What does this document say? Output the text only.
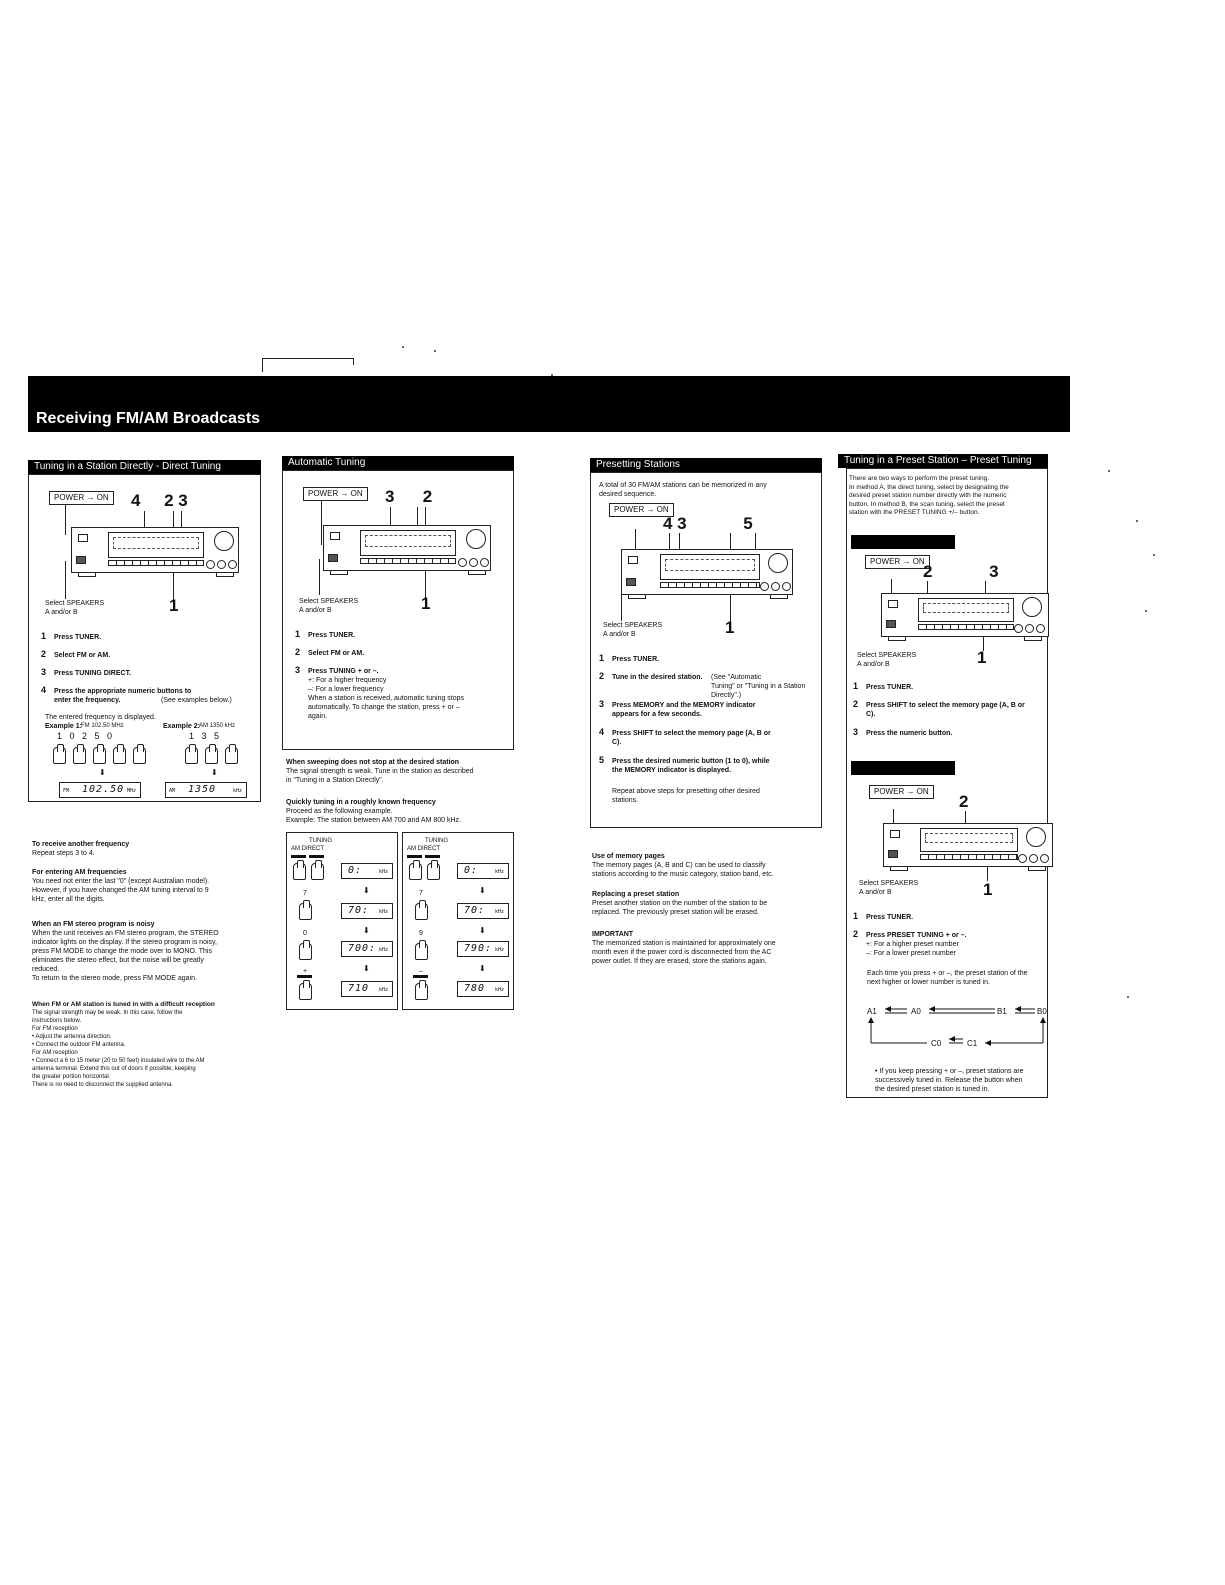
Receiving FM/AM Broadcasts
Tuning in a Station Directly - Direct Tuning
POWER → ON 4     2 3
Select SPEAKERS
A and/or B	1
1 Press TUNER.
2 Select FM or AM.
3 Press TUNING DIRECT.
4 Press the appropriate numeric buttons to
enter the frequency.	(See examples below.)
The entered frequency is displayed.
Example 1: FM 102.50 MHz	Example 2: AM 1350 kHz
1   0   2   5   0	1   3   5
⬇	⬇
FM 102.50 MHz	AM 1350	kHz
To receive another frequency
Repeat steps 3 to 4.
For entering AM frequencies
You need not enter the last "0" (except Australian model).
However, if you have changed the AM tuning interval to 9
kHz, enter all the digits.
When an FM stereo program is noisy
When the unit receives an FM stereo program, the STEREO
indicator lights on the display. If the stereo program is noisy,
press FM MODE to change the mode over to MONO. This
eliminates the stereo effect, but the noise will be greatly
reduced.
To return to the stereo mode, press FM MODE again.
When FM or AM station is tuned in with a difficult reception
The signal strength may be weak. In this case, follow the
instructions below.
For FM reception
• Adjust the antenna direction.
• Connect the outdoor FM antenna.
For AM reception
• Connect a 6 to 15 meter (20 to 50 feet) insulated wire to the AM
antenna terminal. Extend this out of doors if possible, keeping
the greater portion horizontal.
There is no need to disconnect the supplied antenna.
Automatic Tuning
POWER → ON 3      2
Select SPEAKERS
A and/or B	1
1 Press TUNER.
2 Select FM or AM.
3 Press TUNING + or –.
+: For a higher frequency
–: For a lower frequency
When a station is received, automatic tuning stops
automatically. To change the station, press + or –
again.
When sweeping does not stop at the desired station
The signal strength is weak. Tune in the station as described
in "Tuning in a Station Directly".
Quickly tuning in a roughly known frequency
Proceed as the following example.
Example: The station between AM 700 and AM 800 kHz.
TUNING
AM DIRECT
0:	kHz
7	⬇
70: kHz
0	⬇
700: kHz
+	⬇
710 kHz
TUNING
AM DIRECT
0:	kHz
7	⬇
70: kHz
9	⬇
790: kHz
–	⬇
780 kHz
Presetting Stations
A total of 30 FM/AM stations can be memorized in any
desired sequence.
POWER → ON
4 3            5
Select SPEAKERS
A and/or B	1
1 Press TUNER.
2 Tune in the desired station. (See "Automatic
Tuning" or "Tuning in a Station Directly".)
3 Press MEMORY and the MEMORY indicator
appears for a few seconds.
4 Press SHIFT to select the memory page (A, B or
C).
5 Press the desired numeric button (1 to 0), while
the MEMORY indicator is displayed.
Repeat above steps for presetting other desired
stations.
Use of memory pages
The memory pages (A, B and C) can be used to classify
stations according to the music category, station band, etc.
Replacing a preset station
Preset another station on the number of the station to be
replaced. The previously preset station will be erased.
IMPORTANT
The memorized station is maintained for approximately one
month even if the power cord is disconnected from the AC
power outlet. If they are erased, store the stations again.
Tuning in a Preset Station – Preset Tuning
There are two ways to perform the preset tuning.
In method A, the direct tuning, select by designating the
desired preset station number directly with the numeric
button. In method B, the scan tuning, select the preset
station with the PRESET TUNING +/– button.
POWER → ON
2            3
Select SPEAKERS
A and/or B	1
1 Press TUNER.
2 Press SHIFT to select the memory page (A, B or
C).
3 Press the numeric button.
POWER → ON
2
Select SPEAKERS
A and/or B	1
1 Press TUNER.
2 Press PRESET TUNING + or –.
+: For a higher preset number
–: For a lower preset number
Each time you press + or –, the preset station of the
next higher or lower number is tuned in.
A1	A0	B1	B0
C0	C1
• If you keep pressing + or –, preset stations are
successively tuned in. Release the button when
the desired preset station is tuned in.
